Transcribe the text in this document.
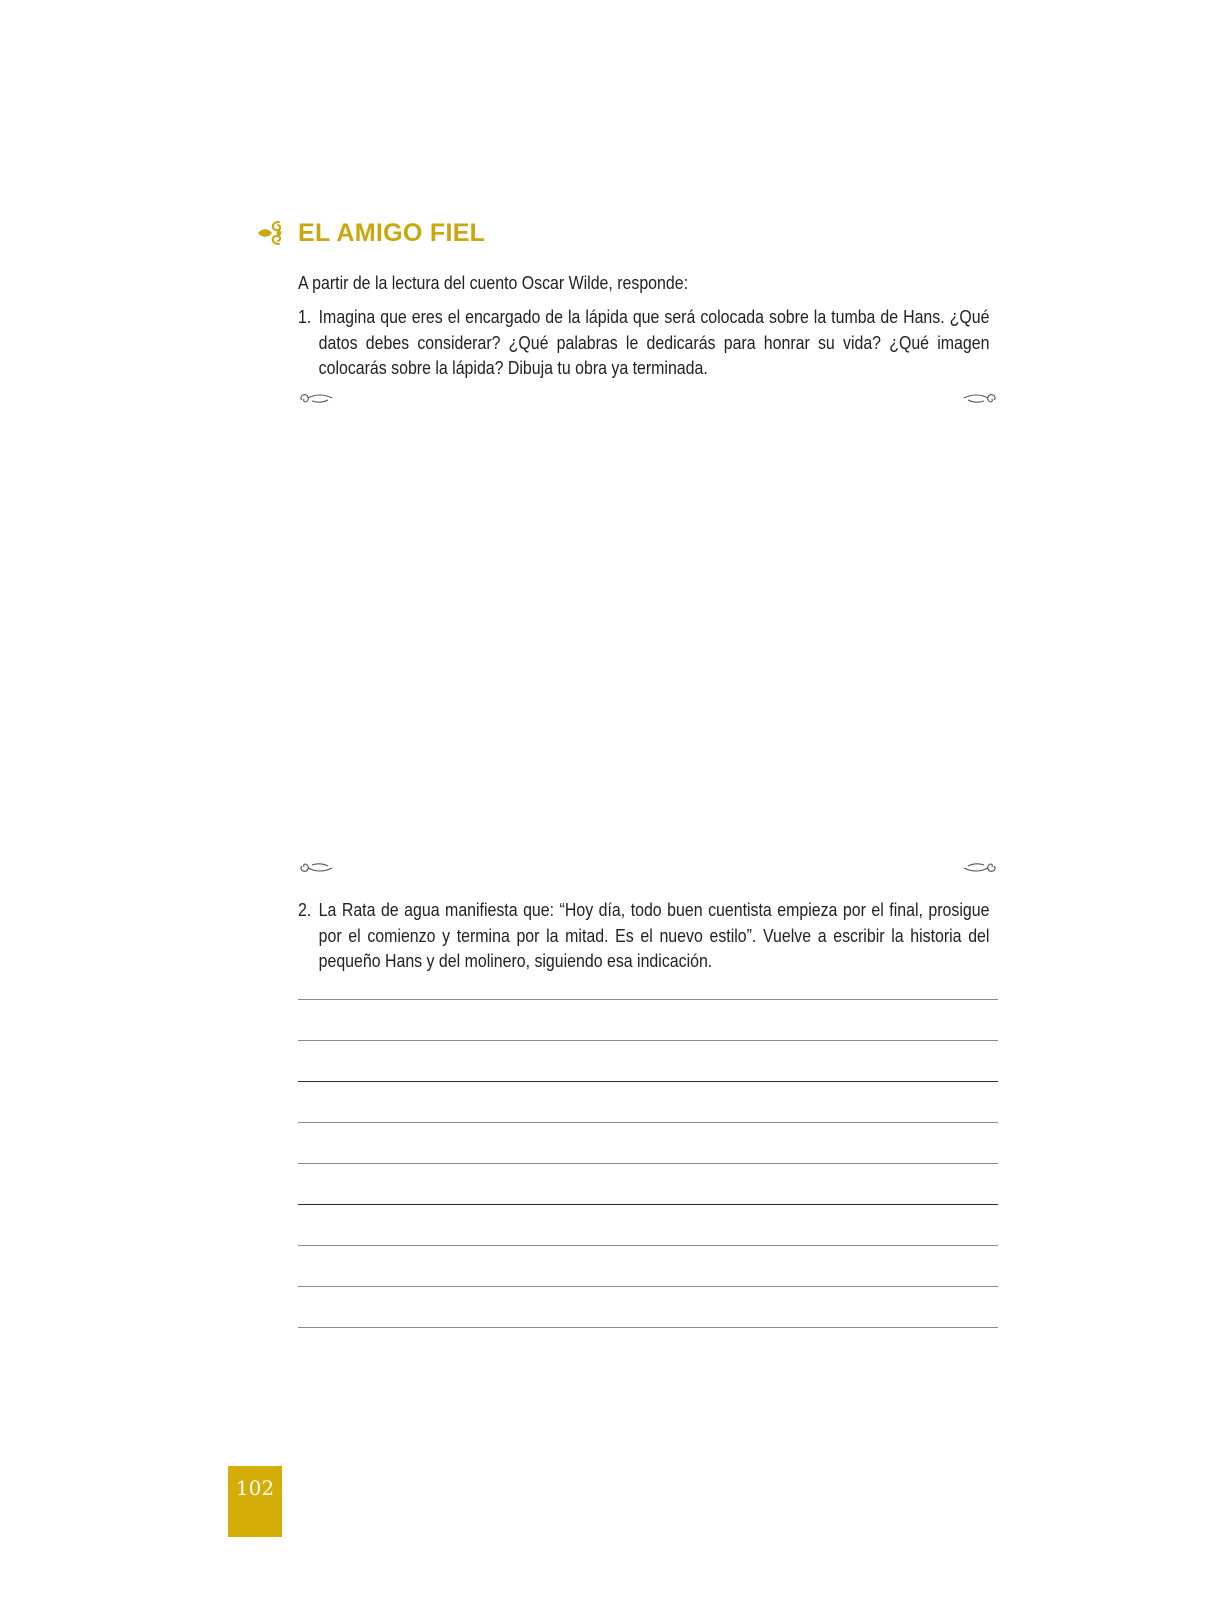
EL AMIGO FIEL
A partir de la lectura del cuento Oscar Wilde, responde:
1. Imagina que eres el encargado de la lápida que será colocada sobre la tumba de Hans. ¿Qué datos debes considerar? ¿Qué palabras le dedicarás para honrar su vida? ¿Qué imagen colocarás sobre la lápida? Dibuja tu obra ya terminada.
2. La Rata de agua manifiesta que: “Hoy día, todo buen cuentista empieza por el final, prosigue por el comienzo y termina por la mitad. Es el nuevo estilo”. Vuelve a escribir la historia del pequeño Hans y del molinero, siguiendo esa indicación.
102
